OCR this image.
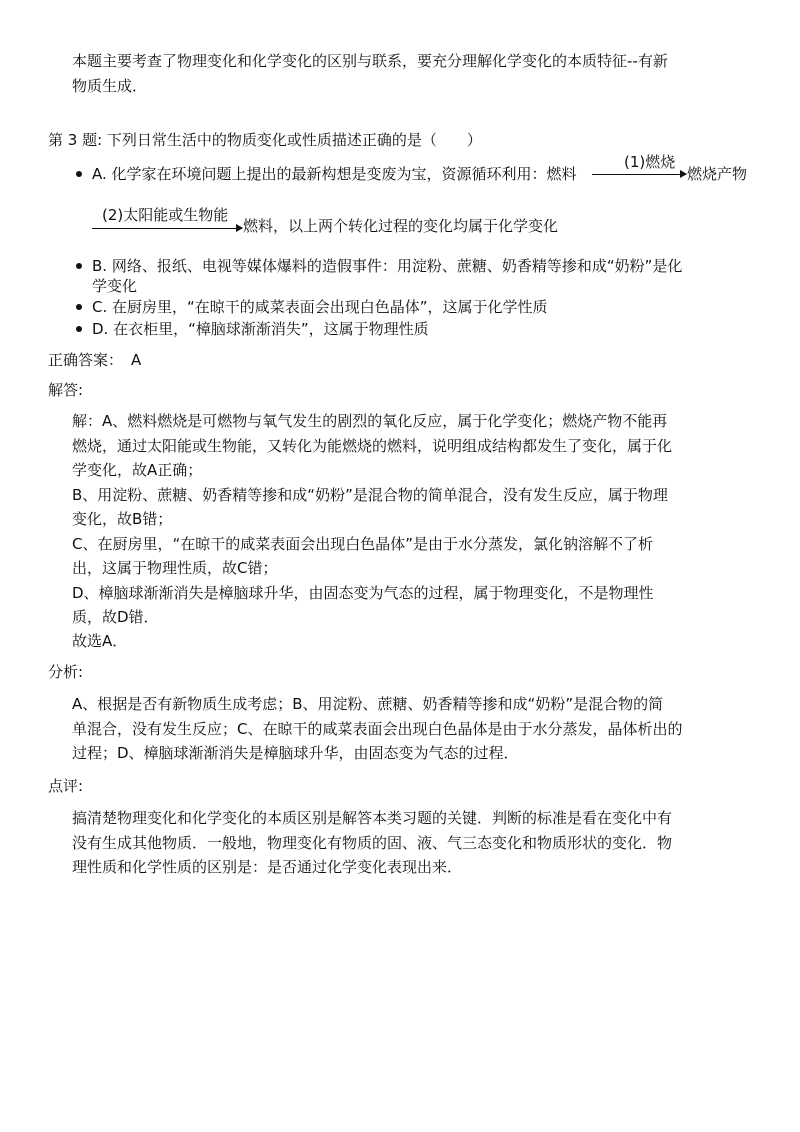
本题主要考查了物理变化和化学变化的区别与联系，要充分理解化学变化的本质特征--有新
物质生成．
第 3 题: 下列日常生活中的物质变化或性质描述正确的是（　　）
A. 化学家在环境问题上提出的最新构想是变废为宝，资源循环利用：燃料
(1)燃烧
燃烧产物
(2)太阳能或生物能
燃料，以上两个转化过程的变化均属于化学变化
B. 网络、报纸、电视等媒体爆料的造假事件：用淀粉、蔗糖、奶香精等掺和成“奶粉”是化
学变化
C. 在厨房里，“在晾干的咸菜表面会出现白色晶体”，这属于化学性质
D. 在衣柜里，“樟脑球渐渐消失”，这属于物理性质
正确答案： A
解答:
解：A、燃料燃烧是可燃物与氧气发生的剧烈的氧化反应，属于化学变化；燃烧产物不能再
燃烧，通过太阳能或生物能，又转化为能燃烧的燃料，说明组成结构都发生了变化，属于化
学变化，故A正确；
B、用淀粉、蔗糖、奶香精等掺和成“奶粉”是混合物的简单混合，没有发生反应，属于物理
变化，故B错；
C、在厨房里，“在晾干的咸菜表面会出现白色晶体”是由于水分蒸发，氯化钠溶解不了析
出，这属于物理性质，故C错；
D、樟脑球渐渐消失是樟脑球升华，由固态变为气态的过程，属于物理变化，不是物理性
质，故D错．
故选A．
分析:
A、根据是否有新物质生成考虑；B、用淀粉、蔗糖、奶香精等掺和成“奶粉”是混合物的简
单混合，没有发生反应；C、在晾干的咸菜表面会出现白色晶体是由于水分蒸发，晶体析出的
过程；D、樟脑球渐渐消失是樟脑球升华，由固态变为气态的过程．
点评:
搞清楚物理变化和化学变化的本质区别是解答本类习题的关键．判断的标准是看在变化中有
没有生成其他物质．一般地，物理变化有物质的固、液、气三态变化和物质形状的变化．物
理性质和化学性质的区别是：是否通过化学变化表现出来．
